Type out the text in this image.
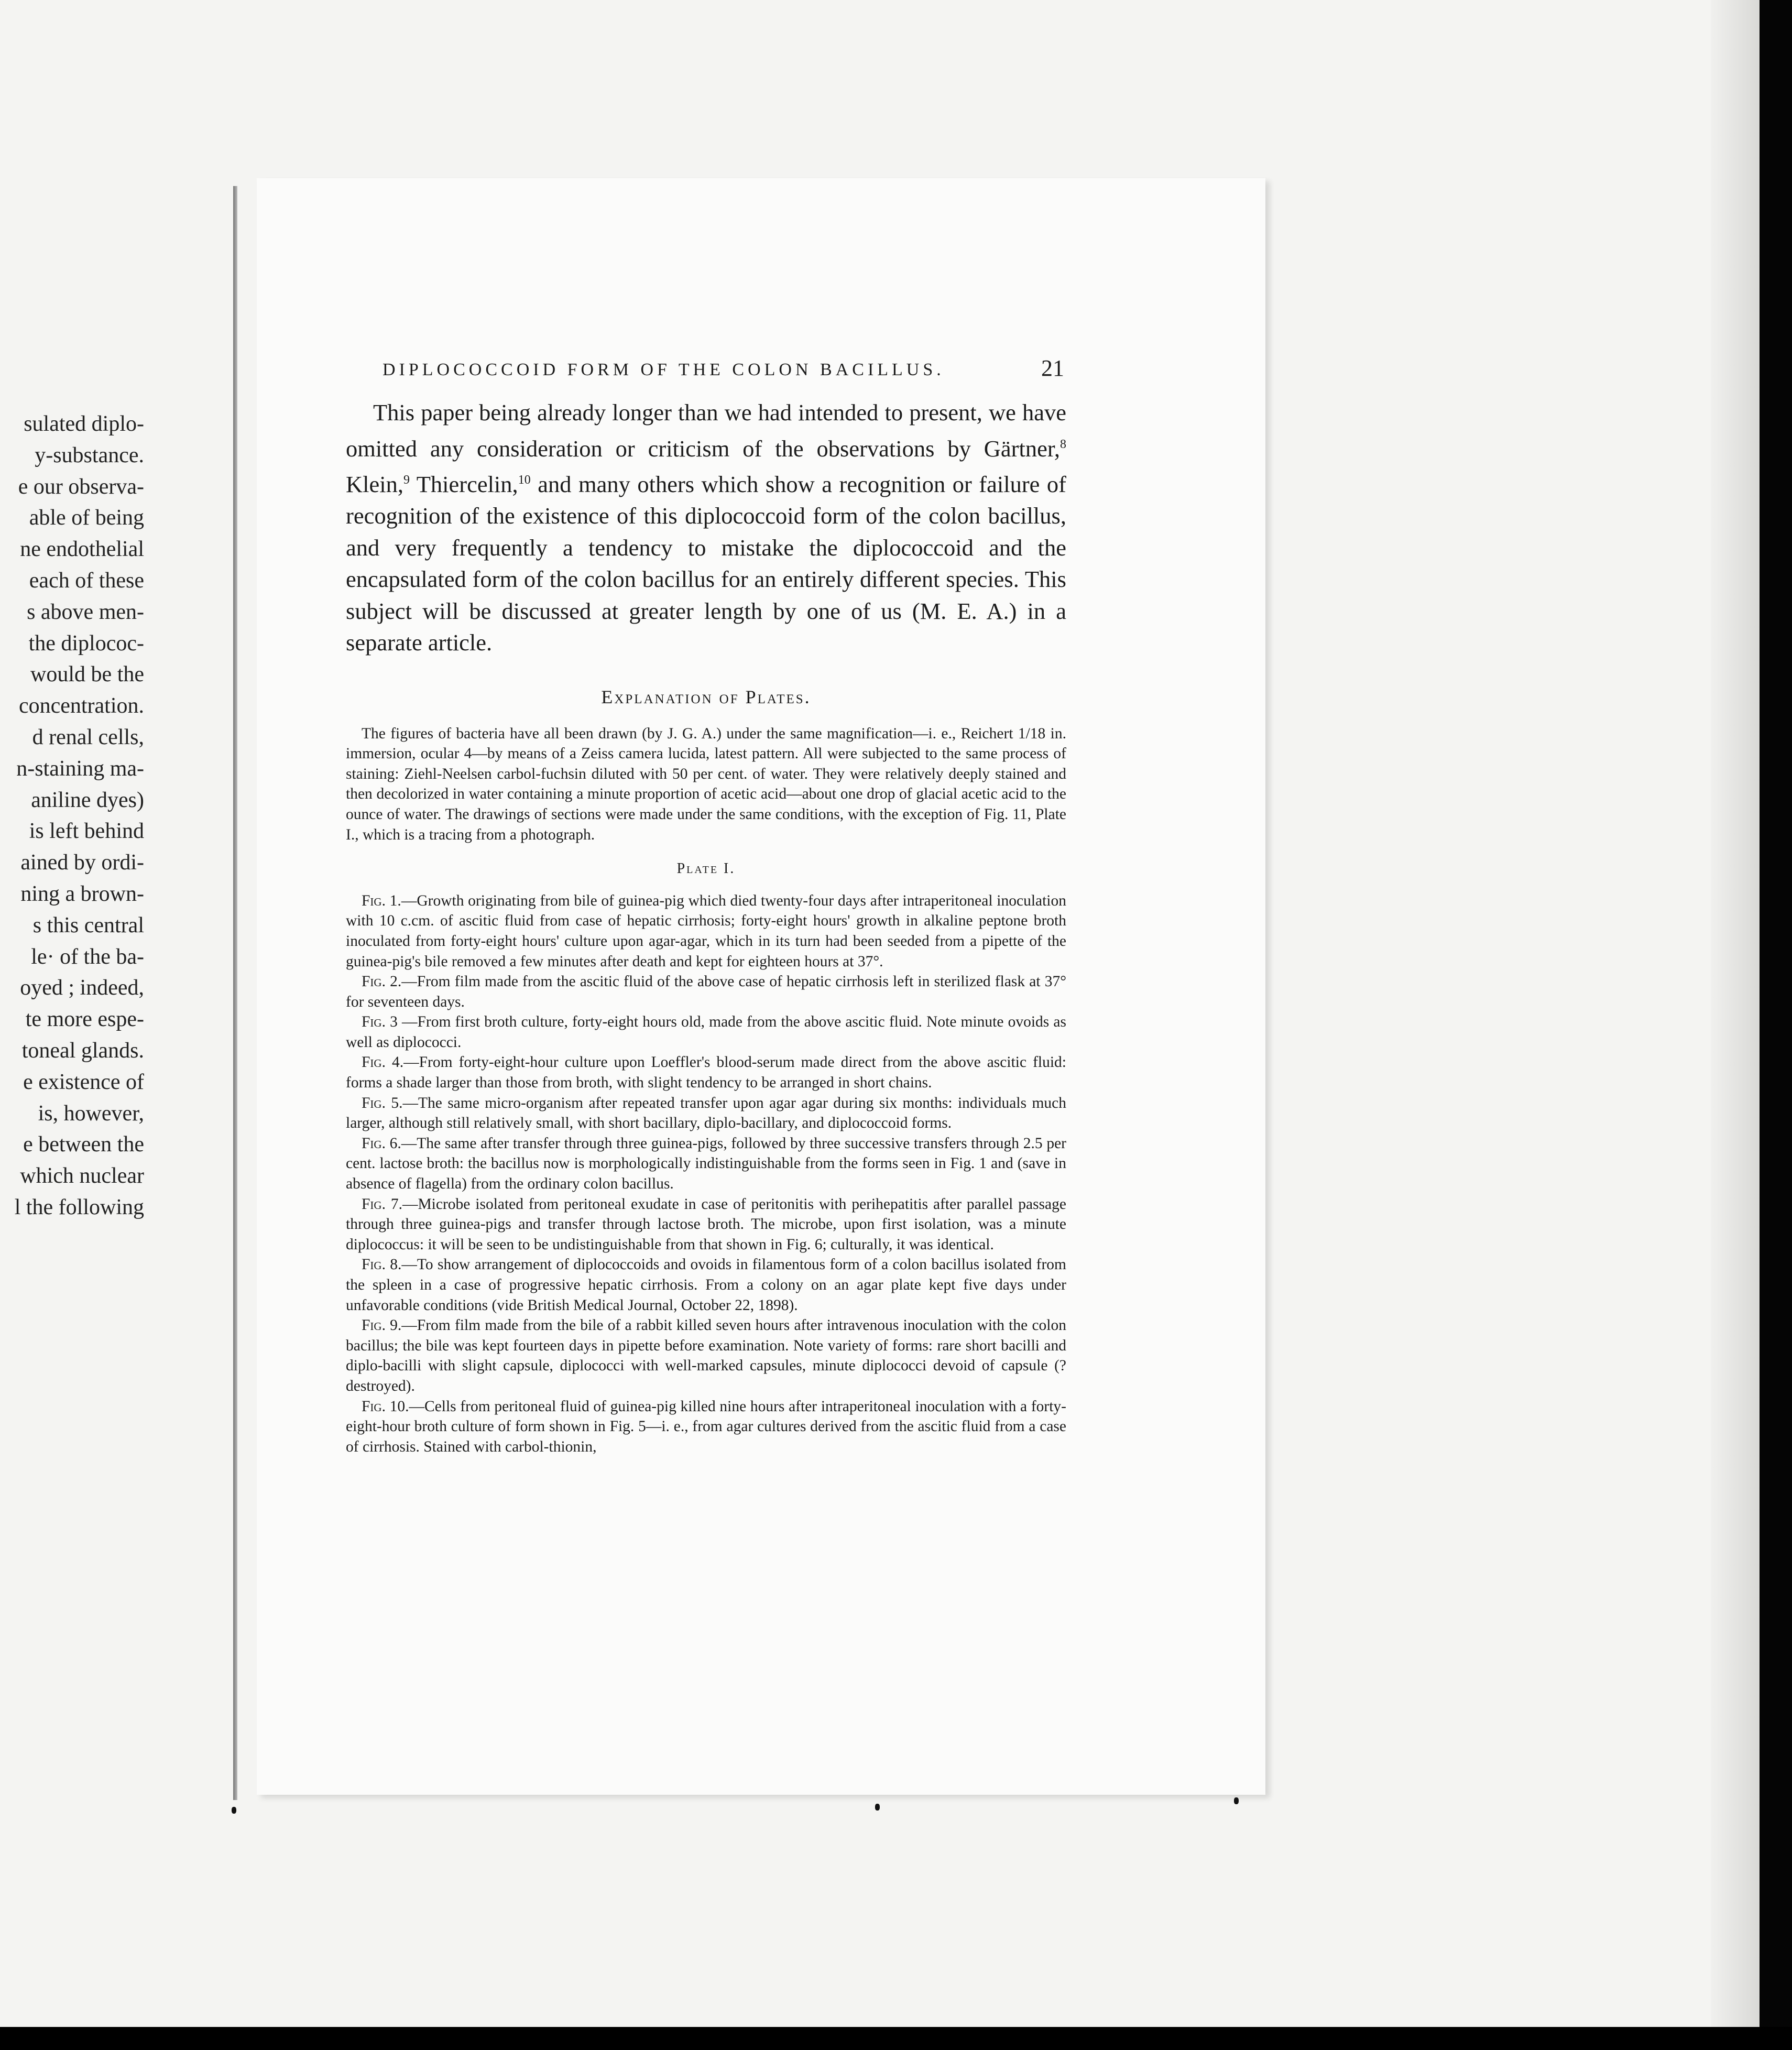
sulated diplo-
y-substance.
e our observa-
able of being
ne endothelial
each of these
s above men-
the diplococ-
would be the
concentration.
d renal cells,
n-staining ma-
aniline dyes)
is left behind
ained by ordi-
ning a brown-
s this central
le· of the ba-
oyed ; indeed,
te more espe-
toneal glands.
e existence of
is, however,
e between the
which nuclear
l the following
DIPLOCOCCOID FORM OF THE COLON BACILLUS.	21

This paper being already longer than we had intended to present, we have omitted any consideration or criticism of the observations by Gärtner,$^8$ Klein,$^9$ Thiercelin,$^{10}$ and many others which show a recognition or failure of recognition of the existence of this diplococcoid form of the colon bacillus, and very frequently a tendency to mistake the diplococcoid and the encapsulated form of the colon bacillus for an entirely different species. This subject will be discussed at greater length by one of us (M. E. A.) in a separate article.

Explanation of Plates.

The figures of bacteria have all been drawn (by J. G. A.) under the same magnification—i. e., Reichert 1/18 in. immersion, ocular 4—by means of a Zeiss camera lucida, latest pattern. All were subjected to the same process of staining: Ziehl-Neelsen carbol-fuchsin diluted with 50 per cent. of water. They were relatively deeply stained and then decolorized in water containing a minute proportion of acetic acid—about one drop of glacial acetic acid to the ounce of water. The drawings of sections were made under the same conditions, with the exception of Fig. 11, Plate I., which is a tracing from a photograph.

Plate I.

Fig. 1.—Growth originating from bile of guinea-pig which died twenty-four days after intraperitoneal inoculation with 10 c.cm. of ascitic fluid from case of hepatic cirrhosis; forty-eight hours' growth in alkaline peptone broth inoculated from forty-eight hours' culture upon agar-agar, which in its turn had been seeded from a pipette of the guinea-pig's bile removed a few minutes after death and kept for eighteen hours at 37°.

Fig. 2.—From film made from the ascitic fluid of the above case of hepatic cirrhosis left in sterilized flask at 37° for seventeen days.

Fig. 3 —From first broth culture, forty-eight hours old, made from the above ascitic fluid. Note minute ovoids as well as diplococci.

Fig. 4.—From forty-eight-hour culture upon Loeffler's blood-serum made direct from the above ascitic fluid: forms a shade larger than those from broth, with slight tendency to be arranged in short chains.

Fig. 5.—The same micro-organism after repeated transfer upon agar agar during six months: individuals much larger, although still relatively small, with short bacillary, diplo-bacillary, and diplococcoid forms.

Fig. 6.—The same after transfer through three guinea-pigs, followed by three successive transfers through 2.5 per cent. lactose broth: the bacillus now is morphologically indistinguishable from the forms seen in Fig. 1 and (save in absence of flagella) from the ordinary colon bacillus.

Fig. 7.—Microbe isolated from peritoneal exudate in case of peritonitis with perihepatitis after parallel passage through three guinea-pigs and transfer through lactose broth. The microbe, upon first isolation, was a minute diplococcus: it will be seen to be undistinguishable from that shown in Fig. 6; culturally, it was identical.

Fig. 8.—To show arrangement of diplococcoids and ovoids in filamentous form of a colon bacillus isolated from the spleen in a case of progressive hepatic cirrhosis. From a colony on an agar plate kept five days under unfavorable conditions (vide British Medical Journal, October 22, 1898).

Fig. 9.—From film made from the bile of a rabbit killed seven hours after intravenous inoculation with the colon bacillus; the bile was kept fourteen days in pipette before examination. Note variety of forms: rare short bacilli and diplo-bacilli with slight capsule, diplococci with well-marked capsules, minute diplococci devoid of capsule (? destroyed).

Fig. 10.—Cells from peritoneal fluid of guinea-pig killed nine hours after intraperitoneal inoculation with a forty-eight-hour broth culture of form shown in Fig. 5—i. e., from agar cultures derived from the ascitic fluid from a case of cirrhosis. Stained with carbol-thionin,
